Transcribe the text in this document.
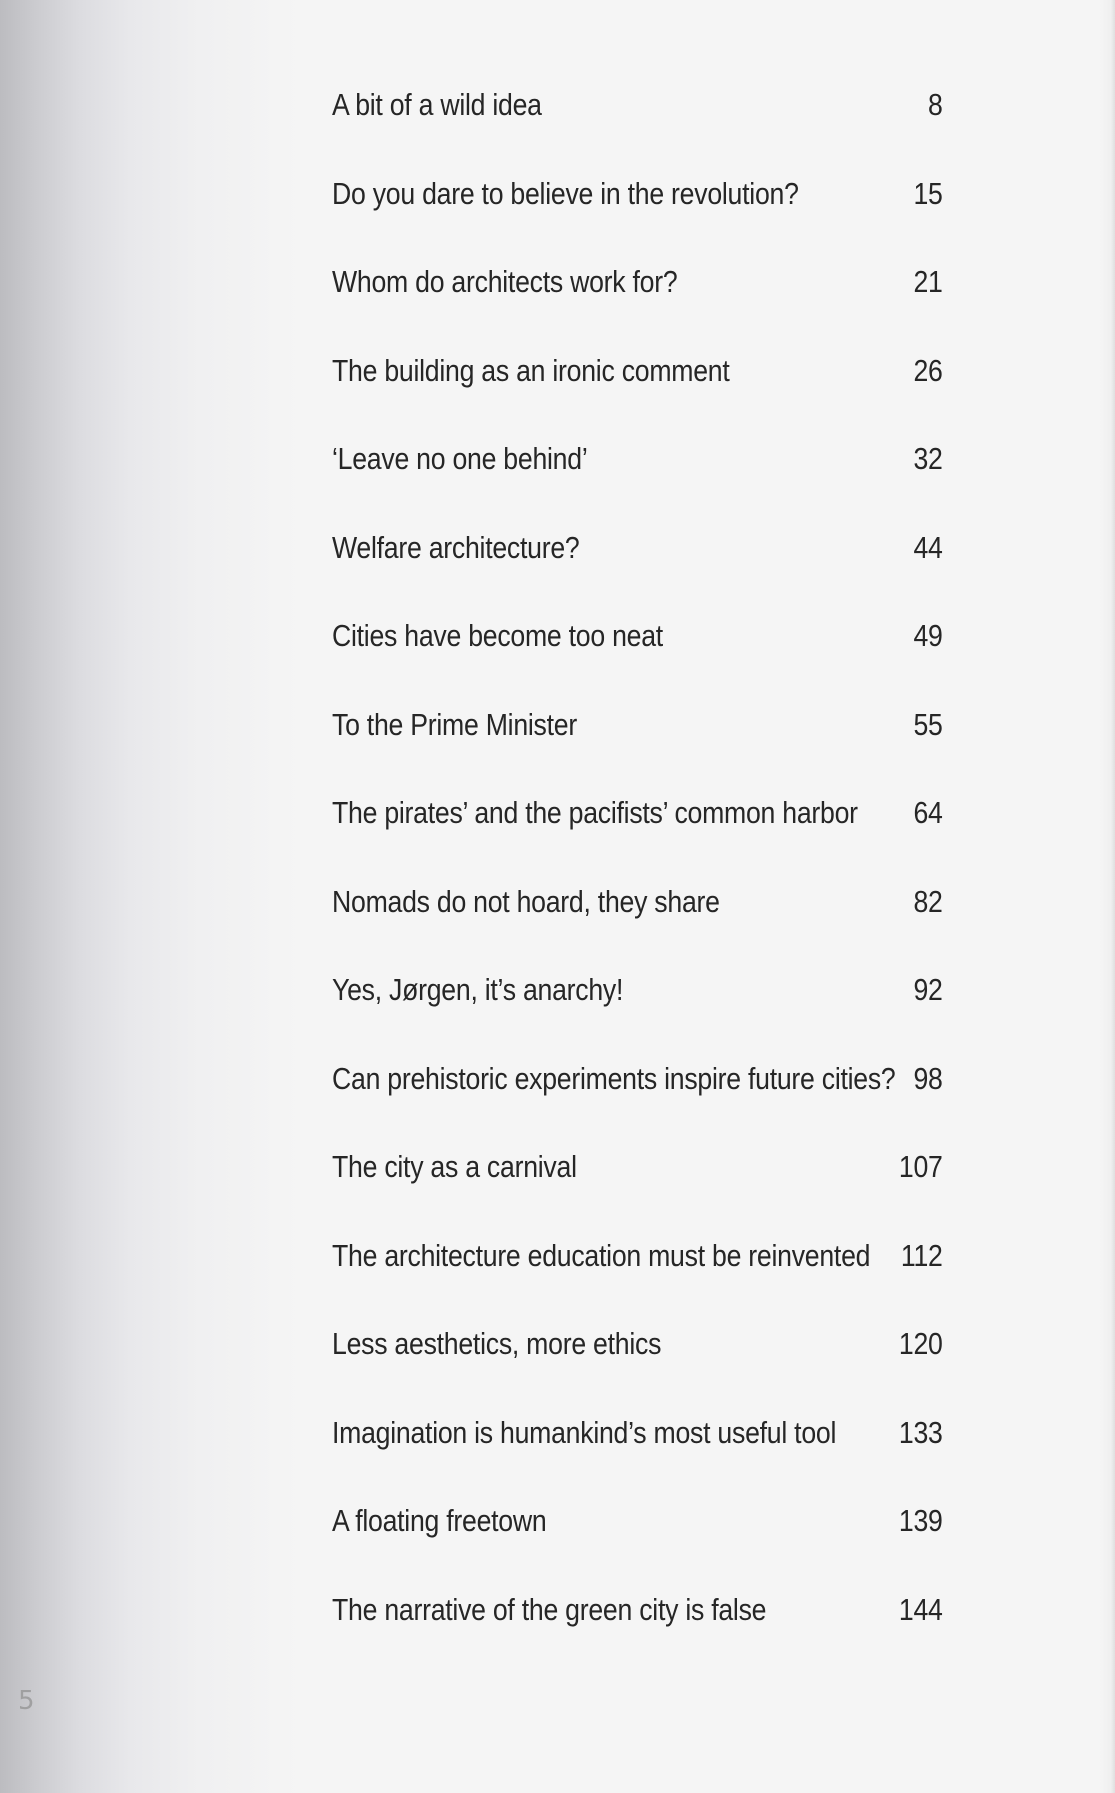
A bit of a wild idea	8
Do you dare to believe in the revolution?	15
Whom do architects work for?	21
The building as an ironic comment	26
‘Leave no one behind’	32
Welfare architecture?	44
Cities have become too neat	49
To the Prime Minister	55
The pirates’ and the pacifists’ common harbor 64
Nomads do not hoard, they share	82
Yes, Jørgen, it’s anarchy!	92
Can prehistoric experiments inspire future cities? 98
The city as a carnival	107
The architecture education must be reinvented 112
Less aesthetics, more ethics	120
Imagination is humankind’s most useful tool 133
A floating freetown	139
The narrative of the green city is false	144
5
